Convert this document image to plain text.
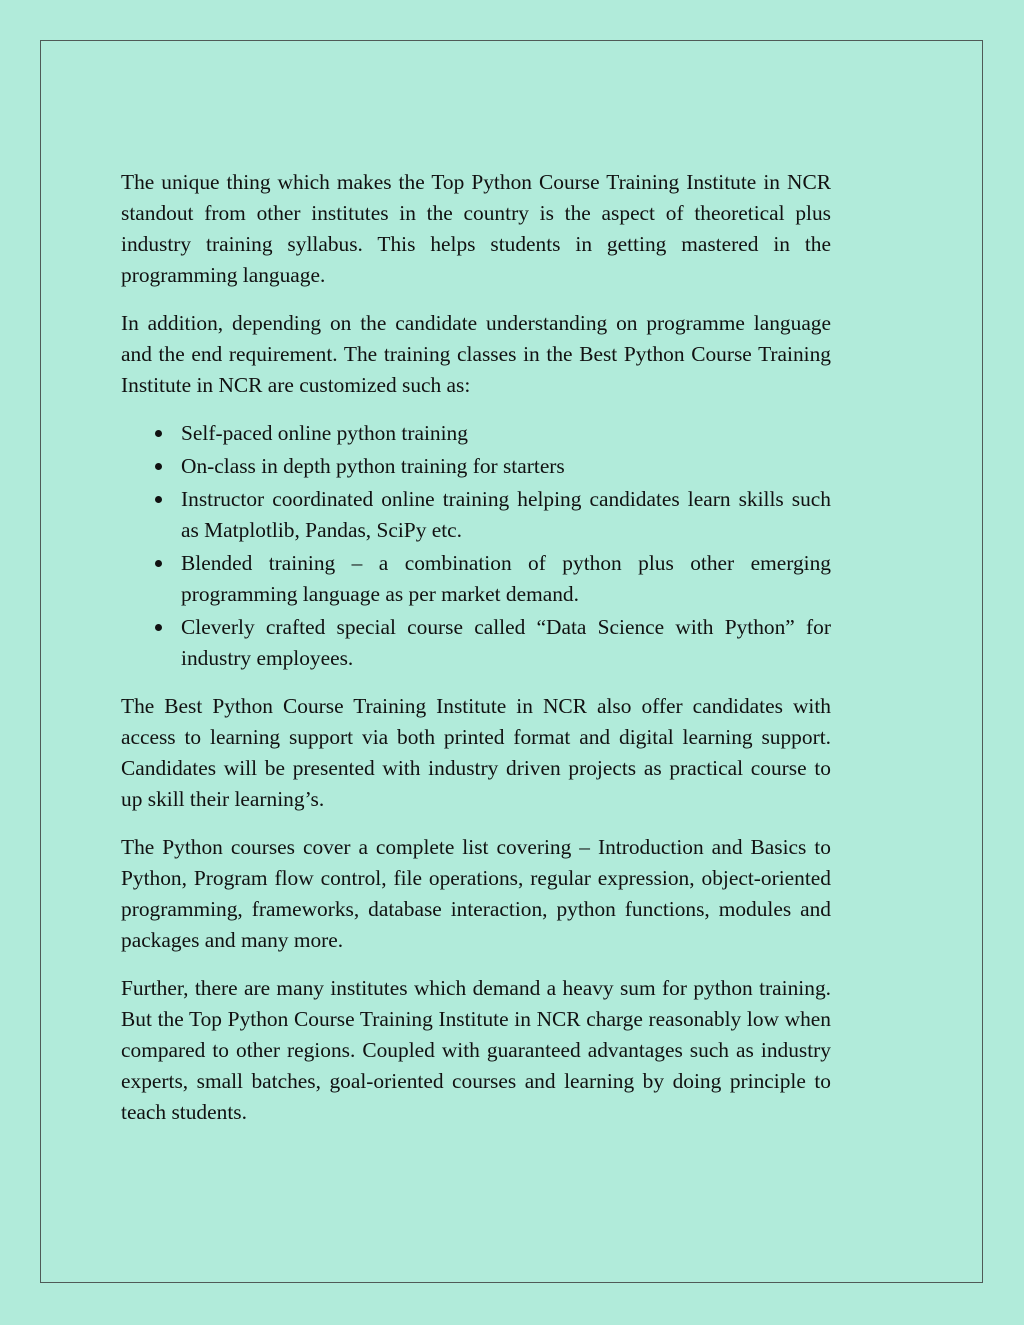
The unique thing which makes the Top Python Course Training Institute in NCR standout from other institutes in the country is the aspect of theoretical plus industry training syllabus. This helps students in getting mastered in the programming language.

In addition, depending on the candidate understanding on programme language and the end requirement. The training classes in the Best Python Course Training Institute in NCR are customized such as:

Self-paced online python training
On-class in depth python training for starters
Instructor coordinated online training helping candidates learn skills such as Matplotlib, Pandas, SciPy etc.
Blended training – a combination of python plus other emerging programming language as per market demand.
Cleverly crafted special course called “Data Science with Python” for industry employees.

The Best Python Course Training Institute in NCR also offer candidates with access to learning support via both printed format and digital learning support. Candidates will be presented with industry driven projects as practical course to up skill their learning’s.

The Python courses cover a complete list covering – Introduction and Basics to Python, Program flow control, file operations, regular expression, object-oriented programming, frameworks, database interaction, python functions, modules and packages and many more.

Further, there are many institutes which demand a heavy sum for python training. But the Top Python Course Training Institute in NCR charge reasonably low when compared to other regions. Coupled with guaranteed advantages such as industry experts, small batches, goal-oriented courses and learning by doing principle to teach students.
